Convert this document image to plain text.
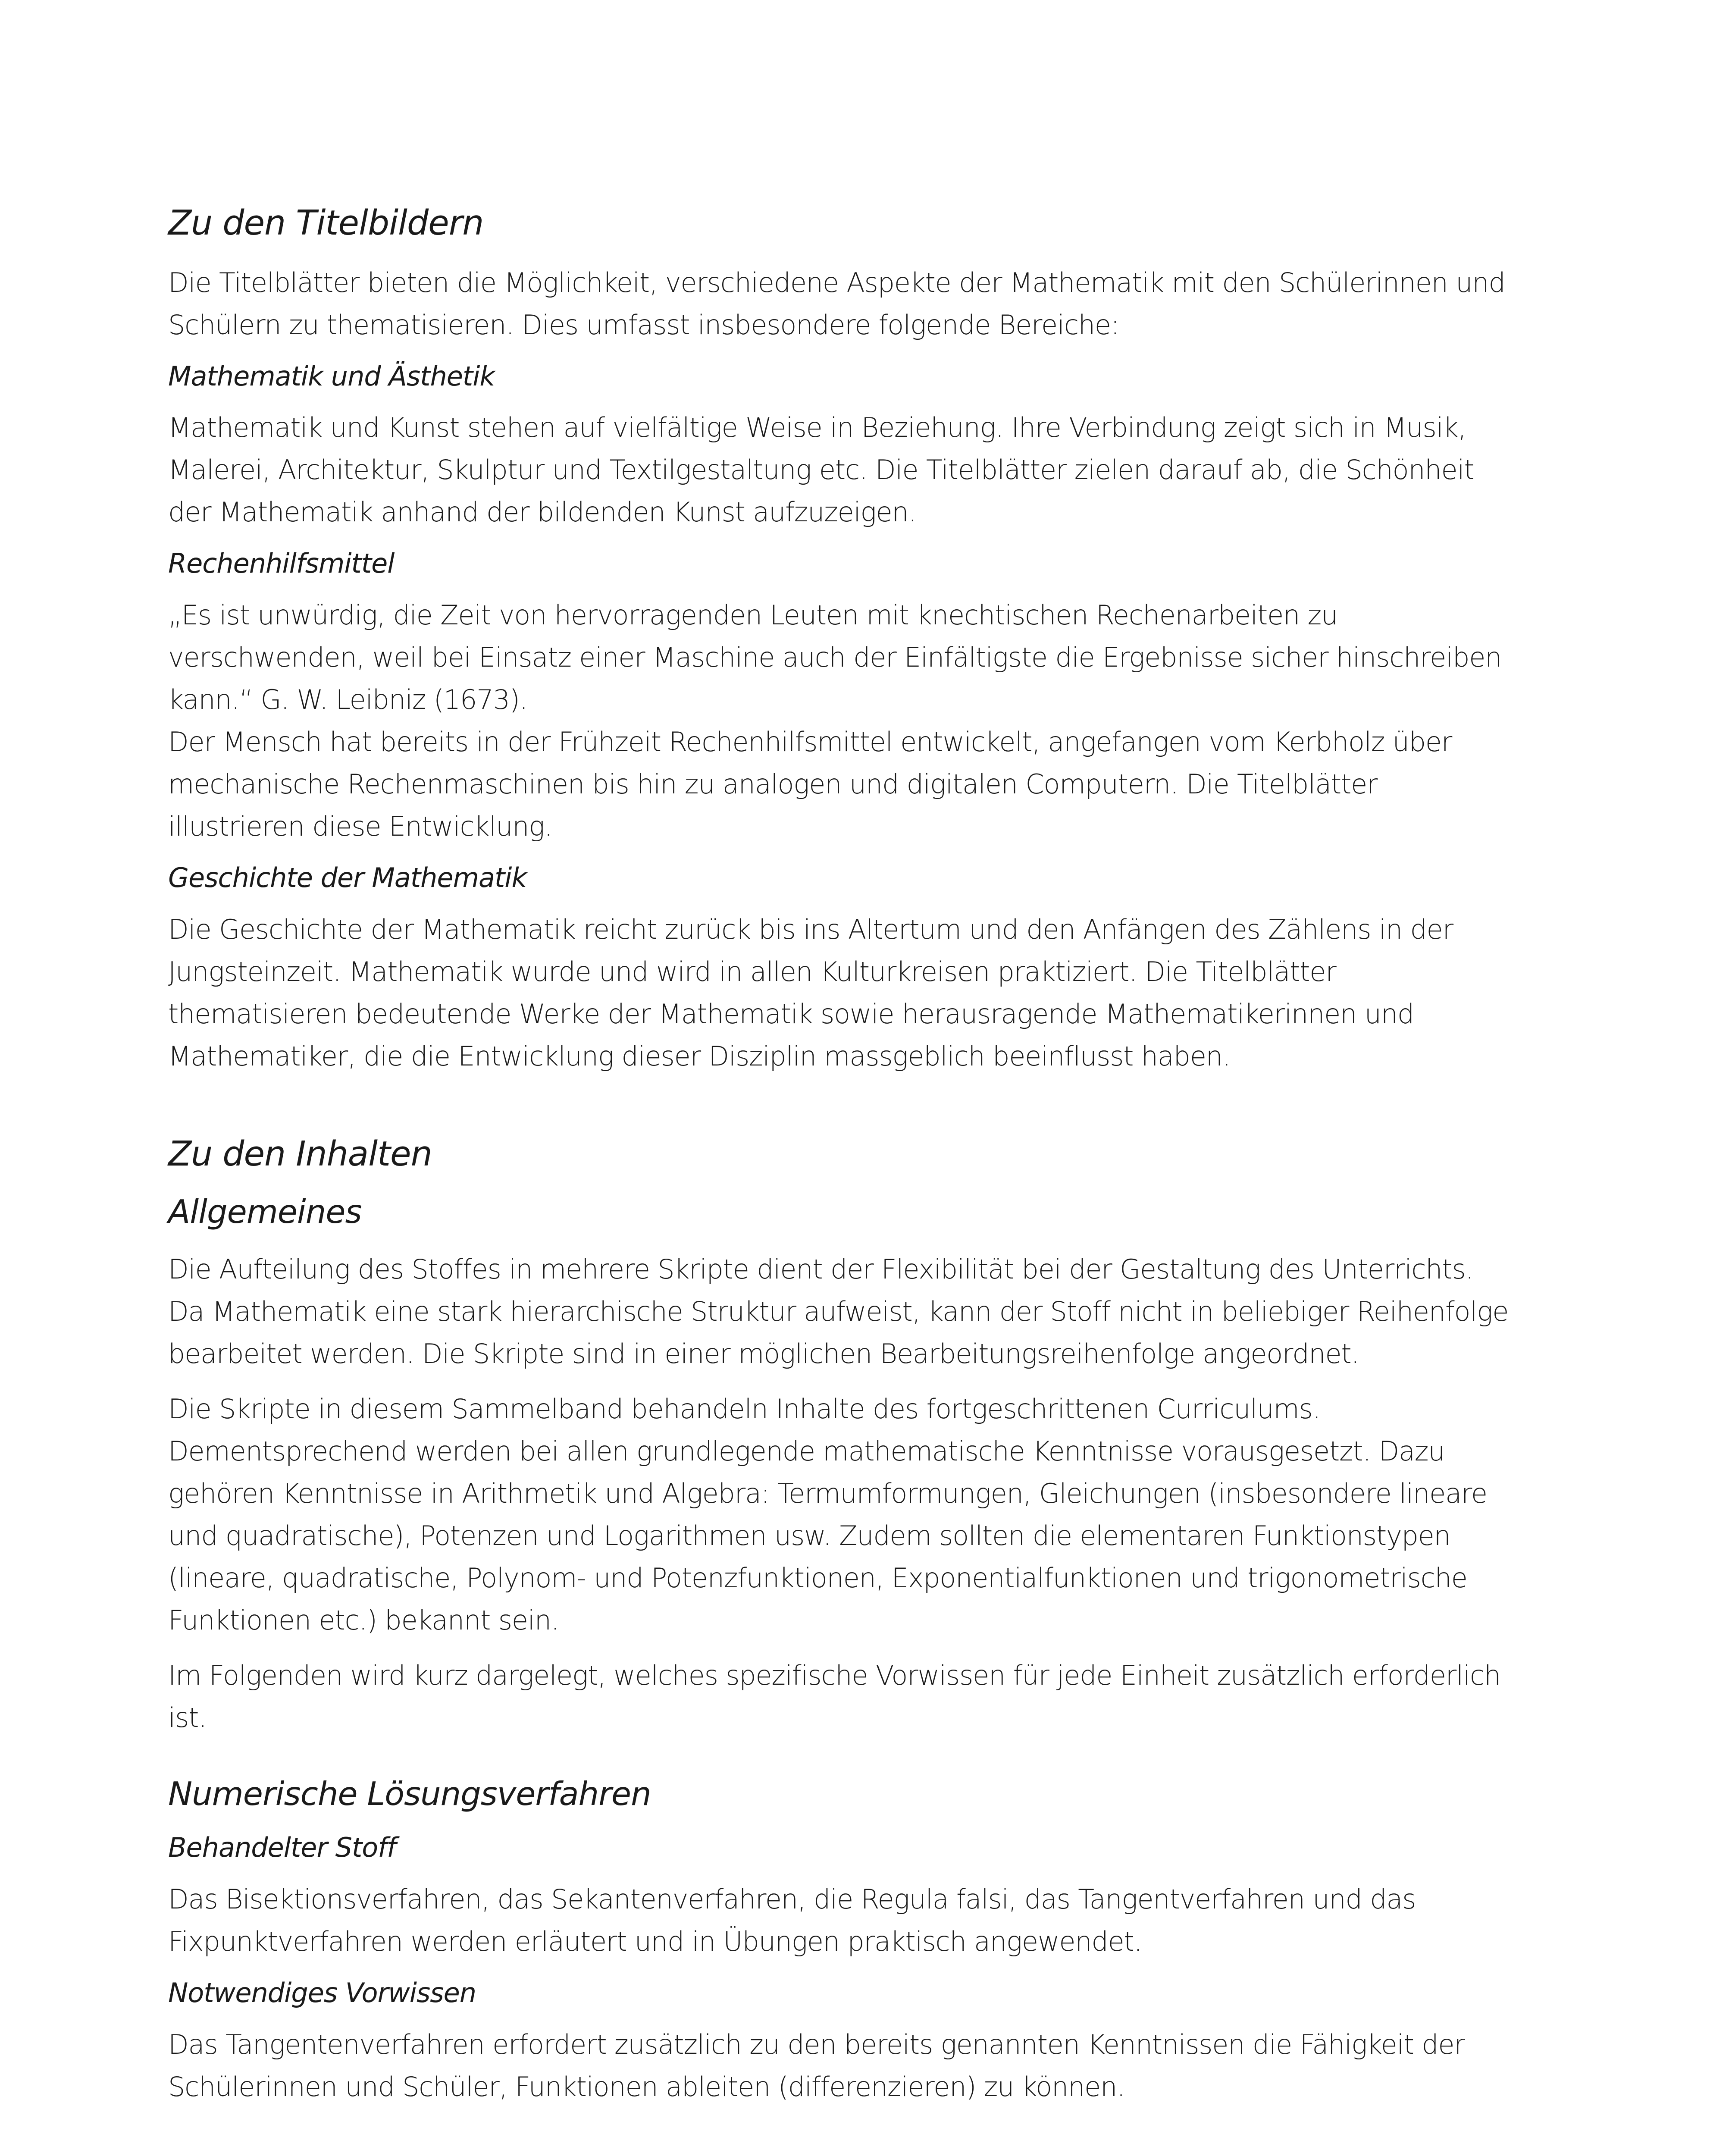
Zu den Titelbildern

Die Titelblätter bieten die Möglichkeit, verschiedene Aspekte der Mathematik mit den Schülerinnen und Schülern zu thematisieren. Dies umfasst insbesondere folgende Bereiche:

Mathematik und Ästhetik

Mathematik und Kunst stehen auf vielfältige Weise in Beziehung. Ihre Verbindung zeigt sich in Musik, Malerei, Architektur, Skulptur und Textilgestaltung etc. Die Titelblätter zielen darauf ab, die Schönheit der Mathematik anhand der bildenden Kunst aufzuzeigen.

Rechenhilfsmittel

„Es ist unwürdig, die Zeit von hervorragenden Leuten mit knechtischen Rechenarbeiten zu verschwenden, weil bei Einsatz einer Maschine auch der Einfältigste die Ergebnisse sicher hinschreiben kann.“ G. W. Leibniz (1673).

Der Mensch hat bereits in der Frühzeit Rechenhilfsmittel entwickelt, angefangen vom Kerbholz über mechanische Rechenmaschinen bis hin zu analogen und digitalen Computern. Die Titelblätter illustrieren diese Entwicklung.

Geschichte der Mathematik

Die Geschichte der Mathematik reicht zurück bis ins Altertum und den Anfängen des Zählens in der Jungsteinzeit. Mathematik wurde und wird in allen Kulturkreisen praktiziert. Die Titelblätter thematisieren bedeutende Werke der Mathematik sowie herausragende Mathematikerinnen und Mathematiker, die die Entwicklung dieser Disziplin massgeblich beeinflusst haben.

Zu den Inhalten
Allgemeines

Die Aufteilung des Stoffes in mehrere Skripte dient der Flexibilität bei der Gestaltung des Unterrichts. Da Mathematik eine stark hierarchische Struktur aufweist, kann der Stoff nicht in beliebiger Reihenfolge bearbeitet werden. Die Skripte sind in einer möglichen Bearbeitungsreihenfolge angeordnet.

Die Skripte in diesem Sammelband behandeln Inhalte des fortgeschrittenen Curriculums. Dementsprechend werden bei allen grundlegende mathematische Kenntnisse vorausgesetzt. Dazu gehören Kenntnisse in Arithmetik und Algebra: Termumformungen, Gleichungen (insbesondere lineare und quadratische), Potenzen und Logarithmen usw. Zudem sollten die elementaren Funktionstypen (lineare, quadratische, Polynom- und Potenzfunktionen, Exponentialfunktionen und trigonometrische Funktionen etc.) bekannt sein.

Im Folgenden wird kurz dargelegt, welches spezifische Vorwissen für jede Einheit zusätzlich erforderlich ist.

Numerische Lösungsverfahren
Behandelter Stoff

Das Bisektionsverfahren, das Sekantenverfahren, die Regula falsi, das Tangentverfahren und das Fixpunktverfahren werden erläutert und in Übungen praktisch angewendet.

Notwendiges Vorwissen

Das Tangentenverfahren erfordert zusätzlich zu den bereits genannten Kenntnissen die Fähigkeit der Schülerinnen und Schüler, Funktionen ableiten (differenzieren) zu können.
